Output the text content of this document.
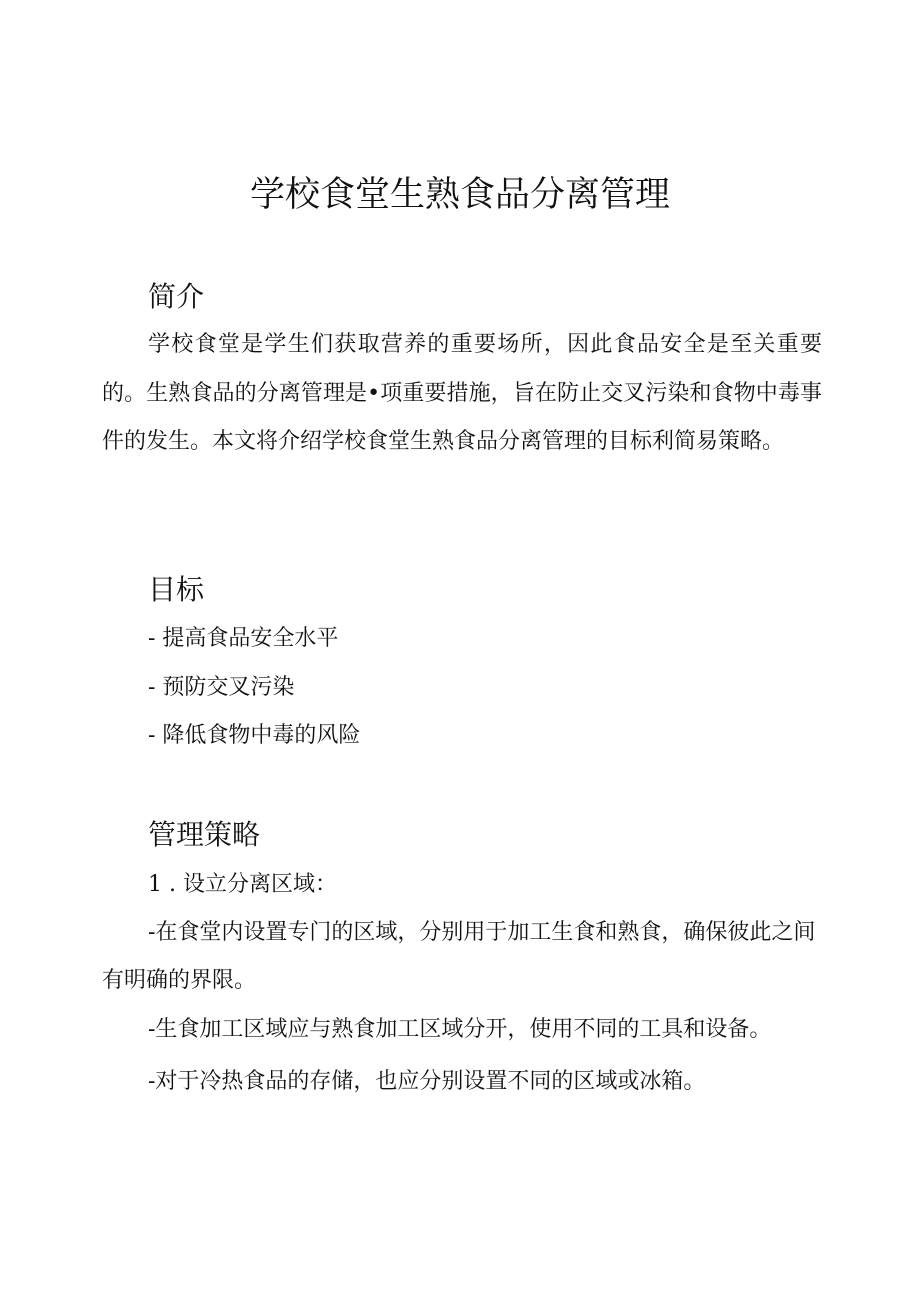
学校食堂生熟食品分离管理
简介

学校食堂是学生们获取营养的重要场所，因此食品安全是至关重要的。生熟食品的分离管理是•项重要措施，旨在防止交叉污染和食物中毒事件的发生。本文将介绍学校食堂生熟食品分离管理的目标利简易策略。

目标

- 提高食品安全水平

- 预防交叉污染

- 降低食物中毒的风险

管理策略

1 . 设立分离区域：

-在食堂内设置专门的区域，分别用于加工生食和熟食，确保彼此之间有明确的界限。

-生食加工区域应与熟食加工区域分开，使用不同的工具和设备。

-对于冷热食品的存储，也应分别设置不同的区域或冰箱。
